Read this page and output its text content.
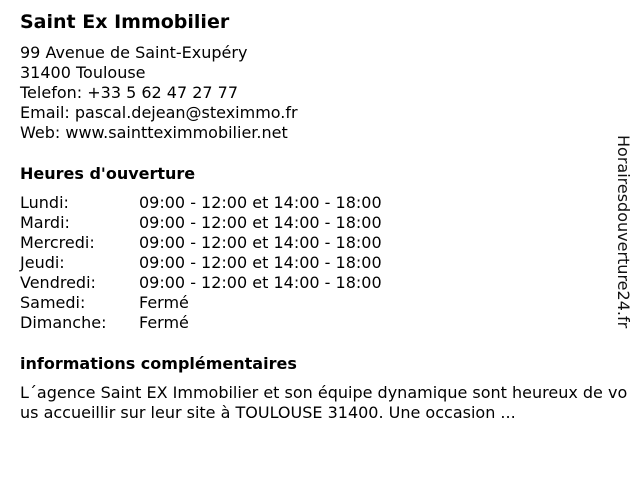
Saint Ex Immobilier
99 Avenue de Saint-Exupéry
31400 Toulouse
Telefon: +33 5 62 47 27 77
Email: pascal.dejean@steximmo.fr
Web: www.saintteximmobilier.net
Heures d'ouverture
Lundi:	09:00 - 12:00 et 14:00 - 18:00
Mardi:	09:00 - 12:00 et 14:00 - 18:00
Mercredi:	09:00 - 12:00 et 14:00 - 18:00
Jeudi:	09:00 - 12:00 et 14:00 - 18:00
Vendredi:	09:00 - 12:00 et 14:00 - 18:00
Samedi:	Fermé
Dimanche: Fermé
informations complémentaires
L´agence Saint EX Immobilier et son équipe dynamique sont heureux de vous accueillir sur leur site à TOULOUSE 31400. Une occasion ...
Horairesdouverture24.fr
